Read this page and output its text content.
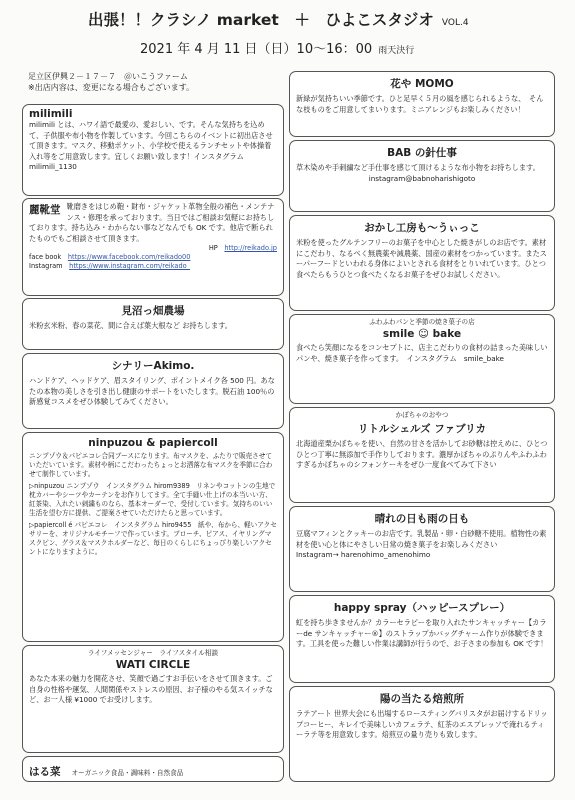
出張！！クラシノ market　＋　ひよこスタジオ VOL.4
2021 年 4 月 11 日（日）10〜16：00 雨天決行
足立区伊興２－１７－７　＠いこうファーム
※出店内容は、変更になる場合もございます。
milimili
milimili とは、ハワイ語で最愛の、愛おしい、です。そんな気持ちを込めて、子供服や布小物を作製しています。今回こちらのイベントに初出店させて頂きます。マスク、移動ポケット、小学校で使えるランチセットや体操着入れ等をご用意致します。宜しくお願い致します！インスタグラム milimili_1130
麗靴堂 靴磨きをはじめ鞄・財布・ジャケット革物全般の補色・メンテナンス・修理を承っております。当日ではご相談お気軽にお持ちしております。持ち込み・わからない事などなんでも OK です。他店で断られたものでもご相談させて頂きます。
HP　 http://reikado.jp
face book　 https://www.facebook.com/reikado00
Instagram　 https://www.instagram.com/reikado_
見沼っ畑農場
米粉玄米粉、春の菜花、間に合えば葉大根など お持ちします。
シナリーAkimo.
ハンドケア、ヘッドケア、眉スタイリング、ポイントメイク各 500 円。あなたの本物の美しさを引き出し健康のサポートをいたします。脱石油 100％の新感覚コスメをぜひ体験してみてください。
ninpuzou & papiercoll
ニンプゾウ＆パピエコレ合同ブースになります。布マスクを、ふたりで販売させていただいています。素材や柄にこだわったちょっとお洒落な布マスクを季節に合わせて制作しています。
▷ninpuzou ニンプゾウ　インスタグラム hirom9389　リネンやコットンの生地で枕カバーやシーツやカーテンをお作りしてます。全て手縫い仕上げの本当いい方、紅茶染、入れたい刺繍ものなら、基本オーダーで、受付しています。気持ちのいい生活を望む方に提供、ご提案させていただけたらと思っています。
▷papiercoll é パピエコレ　インスタグラム hiro9455　紙や、布から、軽いアクセサリーを、オリジナルモチーフで作っています。ブローチ、ピアス、イヤリングマスクピン、グラス＆マスクホルダーなど、毎日のくらしにちょっぴり楽しいアクセントになりますように。
ライフメッセンジャー　ライフスタイル相談
WATI CIRCLE
あなた本来の魅力を開花させ、笑顔で過ごすお手伝いをさせて頂きます。ご自身の性格や運気、人間関係やストレスの原因、お子様のやる気スイッチなど、お一人様 ¥1000 でお受けします。
はる菜 オーガニック食品・調味料・自然食品
花や MOMO
新緑が気持ちいい季節です。ひと足早く５月の風を感じられるような、　そんな枝ものをご用意してまいります。ミニアレンジもお楽しみください！
BAB の針仕事
草木染めや手刺繍など手仕事を感じて頂けるような布小物をお持ちします。
instagram@babnoharishigoto
おかし工房も～うぃっこ
米粉を使ったグルテンフリーのお菓子を中心とした焼きがしのお店です。素材にこだわり、なるべく無農薬や減農薬、国産の素材をつかっています。またスーパーフードといわれる身体によいとされる食材をとりいれています。ひとつ食べたらもうひとつ食べたくなるお菓子をぜひお試しください。
ふわふわパンと季節の焼き菓子の店
smile ☺ bake
食べたら笑顔になるをコンセプトに、店主こだわりの食材の詰まった美味しいパンや、焼き菓子を作ってます。　インスタグラム　smile_bake
かぼちゃのおやつ
リトルシェルズ ファブリカ
北海道産栗かぼちゃを使い、自然の甘さを活かしてお砂糖は控えめに、ひとつひとつ丁寧に無添加で手作りしております。濃厚かぼちゃのぷりんやふわふわすぎるかぼちゃのシフォンケーキをぜひ一度食べてみて下さい
晴れの日も雨の日も
豆腐マフィンとクッキーのお店です。乳製品・卵・白砂糖不使用。植物性の素材を使い心と体にやさしい日常の焼き菓子をお楽しみください
Instagram→ harenohimo_amenohimo
happy spray（ハッピースプレー）
虹を持ち歩きませんか？カラーセラピーを取り入れたサンキャッチャー【カラーde サンキャッチャー®】のストラップかバッグチャーム作りが体験できます。工具を使った難しい作業は講師が行うので、お子さまの参加も OK です！
陽の当たる焙煎所
ラテアート 世界大会にも出場するロースティングバリスタがお届けするドリップコーヒー、キレイで美味しいカフェラテ、紅茶のエスプレッソで淹れるティーラテ等を用意致します。焙煎豆の量り売りも致します。
